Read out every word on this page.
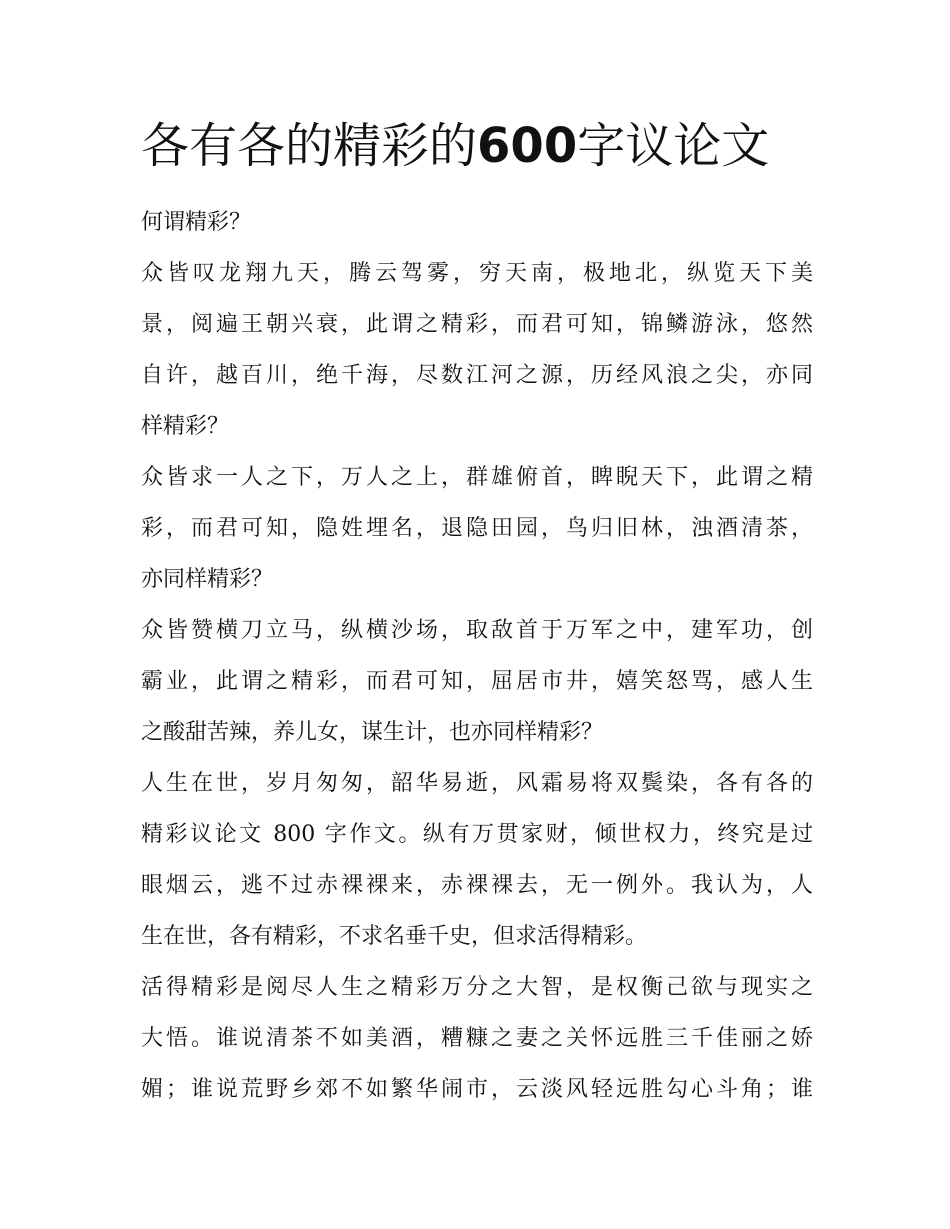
各有各的精彩的600字议论文
何谓精彩？
众皆叹龙翔九天，腾云驾雾，穷天南，极地北，纵览天下美
景，阅遍王朝兴衰，此谓之精彩，而君可知，锦鳞游泳，悠然
自许，越百川，绝千海，尽数江河之源，历经风浪之尖，亦同
样精彩？
众皆求一人之下，万人之上，群雄俯首，睥睨天下，此谓之精
彩，而君可知，隐姓埋名，退隐田园，鸟归旧林，浊酒清茶，
亦同样精彩？
众皆赞横刀立马，纵横沙场，取敌首于万军之中，建军功，创
霸业，此谓之精彩，而君可知，屈居市井，嬉笑怒骂，感人生
之酸甜苦辣，养儿女，谋生计，也亦同样精彩？
人生在世，岁月匆匆，韶华易逝，风霜易将双鬓染，各有各的
精彩议论文 800 字作文。纵有万贯家财，倾世权力，终究是过
眼烟云，逃不过赤裸裸来，赤裸裸去，无一例外。我认为，人
生在世，各有精彩，不求名垂千史，但求活得精彩。
活得精彩是阅尽人生之精彩万分之大智，是权衡己欲与现实之
大悟。谁说清茶不如美酒，糟糠之妻之关怀远胜三千佳丽之娇
媚；谁说荒野乡郊不如繁华闹市，云淡风轻远胜勾心斗角；谁
